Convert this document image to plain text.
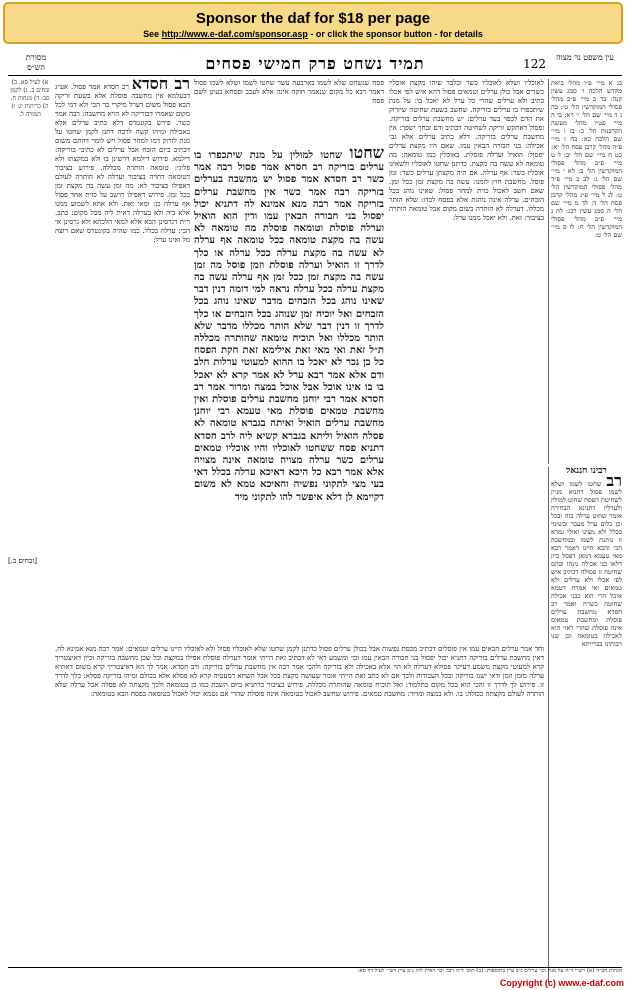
Sponsor the daf for $18 per page
See http://www.e-daf.com/sponsor.asp - or click the sponsor button - for details
מסורת הש״ס	תמיד נשחט פרק חמישי פסחים	122	עין משפט נר מצוה
בג א מיי׳ פ״ו מהל׳ ביאת מקדש הלכה ו׳ סמג עשין קנה: בד ב מיי׳ פ״ב מהל׳ פסולי המוקדשין הל׳ ט׳: בה ג ד מיי׳ שם הל׳ י׳ ויא: בו ה מיי׳ פט״ו מהל׳ מעשה הקרבנות הל׳ כ: בז ו מיי׳ שם הלכה כא: בח ז מיי׳ פ״ה מהל׳ קרבן פסח הל׳ יא: בט ח מיי׳ שם הל׳ יב: ל ט מיי׳ פ״ב מהל׳ פסולי המוקדשין הל׳ ב: לא י מיי׳ שם הל׳ ג: לב כ מיי׳ פ״ד מהל׳ פסולי המוקדשין הל׳ ט: לג ל מיי׳ פ״ג מהל׳ קרבן פסח הל׳ ד: לד מ מיי׳ שם הל׳ ה סמג עשין רכג: לה נ מיי׳ פ״ב מהל׳ פסולי המוקדשין הל׳ ח: לו ס מיי׳ שם הל׳ ט:
רבינו חננאל רב שחטו לשמו ושלא לשמו פסול דתניא מניין לשחיטת הפסח שחוט למולין ולערלין דתנינא הבחירה אומר שחוט ערלה בזה ובכל וכן כלום ערל מעבר ובשינוי בכלל ולא מצינו ואולי גמרא זו נותנת לשמו ובמחשבה הכי והכא היינו דאמר רבא מאי טעמא דמאן דפסל כיון דלאו בני אכילה נינהו ובהם שחיטה זו פסולה דכתיב איש לפי אכלו ולא ערלים ולא טמאים ואי אמרת דטמא אוכל הרי הוא כבני אכילה שחוטה כשרה ואמר רב חסדא מחשבת ערלים פוסלת ומחשבת טמאים אינה פוסלת שהרי ראוי הוא לאכילה בטומאה וכן שנו רבותינו בברייתא
לאוכליו ושלא לאוכליו כשר ובלבד שיהו מקצת אוכליו כשרים אבל כולן ערלים וטמאים פסול דהא איש לפי אכלו כתיב ולא ערלים שהרי כל ערל לא יאכל בו: על מנת שיתכפרו בו ערלים בזריקה. שחשב בשעת שחיטה שיזרוק את הדם לכפר בעד ערלים: יש מחשבת ערלים בזריקה. ופסול דאתקש זריקה לשחיטה דכתיב ודם זבחך ישפך: אין מחשבת ערלים בזריקה. דלא כתיב ערלים אלא גבי אכילה: בני חבורה הבאין עמו. שאם היו מקצת ערלים יפסול: הואיל וערלה פוסלת. באוכלין כמו טומאה: מה טומאה לא עשה בה מקצת. כדתנן שחטו לאוכליו ולשאינו אוכליו כשר: אף ערלה. אם היה מקצתן ערלים כשר: זמן פוסל. מחשבת חוץ לזמנו: עשה בה מקצת זמן ככל זמן. שאם חשב לאכול כזית למחר פסול: שאינו נוהג בכל הזבחים. ערלה אינה נוהגת אלא בפסח לבדו: שלא הותר מכללו. דערלה לא הותרה בשום מקום אבל טומאה הותרה בציבור: זאת. ולא יאכל ממנו ערל:
פסח שנשחט שלא לשמו בארבעה עשר שחטו לשמו ושלא לשמו פסול דאמר רבא כל מקום שנאמר חוקה אינה אלא לעכב ופסחא בעינן לשם פסח
שחטו שחטו למולין על מנת שיתכפרו בו ערלים בזריקה רב חסדא אמר פסול רבה אמר כשר רב חסדא אמר פסול יש מחשבה בערלים בזריקה רבה אמר כשר אין מחשבת ערלים בזריקה אמר רבה מנא אמינא לה דתניא יכול יפסול בני חבורה הבאין עמו ודין הוא הואיל וערלה פוסלת וטומאה פוסלת מה טומאה לא עשה בה מקצת טומאה ככל טומאה אף ערלה לא עשה בה מקצת ערלה ככל ערלה או כלך לדרך זו הואיל וערלה פוסלת וזמן פוסל מה זמן עשה בה מקצת זמן ככל זמן אף ערלה עשה בה מקצת ערלה ככל ערלה נראה למי דומה דנין דבר שאינו נוהג בכל הזבחים מדבר שאינו נוהג בכל הזבחים ואל יוכיח זמן שנוהג בכל הזבחים או כלך לדרך זו דנין דבר שלא הותר מכללו מדבר שלא הותר מכללו ואל תוכיח טומאה שהותרה מכללה ת״ל זאת ואי מאי זאת אילימא זאת חקת הפסח כל בן נכר לא יאכל בו ההוא למעוטי ערלות חלב ודם אלא אמר רבא ערל לא אמר קרא לא יאכל בו בו אינו אוכל אבל אוכל במצה ומרור אמר רב חסדא אמר רבי יוחנן מחשבת ערלים פוסלת ואין מחשבת טמאים פוסלת מאי טעמא רבי יוחנן מחשבת ערלים הואיל ואיתה בגברא טומאה לא פסלה הואיל וליתא בגברא קשיא ליה לרב חסדא דתניא פסח ששחטו לאוכליו והיו אוכליו טמאים ערלים כשר ערלה מצויה טומאה אינה מצויה אלא אמר רבא כל היכא דאיכא ערלה בכלל דאי בעי מצי לתקוני נפשיה והאיכא טמא לא משום דקיימא לן דלא איפשר להו לתקוני מיד
רב חסדא רב חסדא אמר פסול. אע״ג דבעלמא אין מחשבה פוסלת אלא בשעת זריקה הכא פסול משום דערל מיקרי בר הכי ולא דמי לכל מקום שאמרו דבזריקה לא הויא מחשבה: רבה אמר כשר. פירש בקונטרס דלא כתיב ערלים אלא באכילה ומיהו קשה לרבה דתנן לקמן שחטו על מנת לזרוק דמו למחר פסול ויש לומר דהתם משום דכתיב ביום הזבח אבל ערלים לא כתיבי בזריקה: דילמא. פירוש דילמא דרשינן בו ולא במקצתו ולא פליגי: טומאה הותרה מכללה. פירוש בציבור דטומאה דחויה בציבור וערלה לא הותרה לעולם דאפילו בציבור לא: מה זמן עשה בה מקצת זמן ככל זמן. פירוש דאפילו חישב על כזית אחד פסול אף ערלה כן: ומאי זאת. ולא אתא לשמוע ממנו אלא ביה ולא בערלה דאית ליה מכל מקום: כתב. ר״ת דגרסינן הכא אלא למאי הלכתא ולא גרסינן אי הכי: ערלה בכלל. כמו שהיה בקונטרס שאם רוצה מל ואינו ערל:
א) לעיל סא. ב) זבחים ב. ג) לקמן סב: ד) מנחות ח. ה) כריתות יג: ו) תמורה ל.
[זבחים ב.]
וחד אמר ערלים הבאים עמו אין פוסלים דכתיב מכסת נפשות אבל בכולן ערלים פסול כדתנן לקמן שחטו שלא לאוכליו פסול ולא לאוכליו היינו ערלים וטמאים: אמר רבה מנא אמינא לה. דאין מחשבת ערלים בזריקה דתניא יכול יפסול בני חבורה הבאין עמו וכו׳ ומשמע דאי לא דכתיב זאת הייתי אומר דערלה פוסלת אפילו במקצת וכל שכן מחשבה בזריקה וכיון דאיצטריך קרא למעוטי מקצת משמע דעיקר פסולא דערלה לא הוי אלא באכילה ולא בזריקה ולהכי אמר רבה אין מחשבת ערלים בזריקה: ורב חסדא. אמר לך הא דאיצטריך קרא משום דאתיא ערלה מזמן וזמן ודאי ישנו בזריקה ובכל העבודות ולכך אם לא כתב זאת הייתי אומר שעושה מקצת ככל אבל השתא דמעטיה קרא לא פסלא אלא בכולם ומיהו בזריקה פסלא: כלך לדרך זו. פירוש לך לדרך זו והכי הוא בכל מקום בתלמוד: ואל תוכיח טומאה שהותרה מכללה. פירוש בציבור כדתניא ביום השבת כמו כן בטומאה ולכך מקצתה לא פסלה אבל ערלה שלא הותרה לעולם מקצתה ככולה: בו. ולא במצה ומרור: מחשבת טמאים. פירוש שחשב לאכול בטומאה אינה פוסלת שהרי אם נטמא יכול לאכול בטומאה בפסח הבא בטומאה:
הגהות הב״ח (א) רש״י ד״ה על מנת וכו׳ ערלים נ״ב עיין בתוספות: (ב) תוס׳ ד״ה רבה וכו׳ דאית ליה נ״ב עיין רש״י לעיל דף סא:
Copyright (c) www.e-daf.com
